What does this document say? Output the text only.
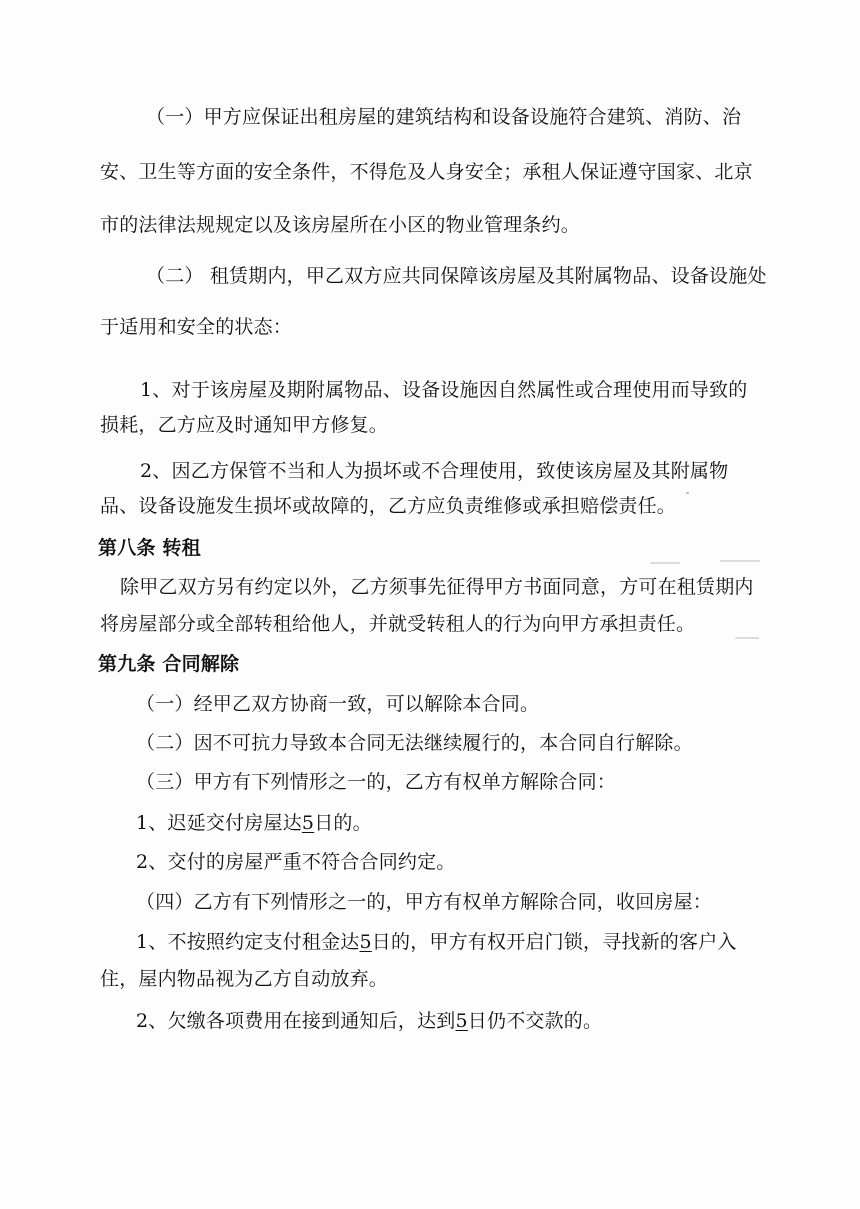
（一）甲方应保证出租房屋的建筑结构和设备设施符合建筑、消防、治
安、卫生等方面的安全条件，不得危及人身安全；承租人保证遵守国家、北京
市的法律法规规定以及该房屋所在小区的物业管理条约。
（二） 租赁期内，甲乙双方应共同保障该房屋及其附属物品、设备设施处
于适用和安全的状态：
1、对于该房屋及期附属物品、设备设施因自然属性或合理使用而导致的
损耗，乙方应及时通知甲方修复。
2、因乙方保管不当和人为损坏或不合理使用，致使该房屋及其附属物
品、设备设施发生损坏或故障的，乙方应负责维修或承担赔偿责任。
第八条 转租
除甲乙双方另有约定以外，乙方须事先征得甲方书面同意，方可在租赁期内
将房屋部分或全部转租给他人，并就受转租人的行为向甲方承担责任。
第九条 合同解除
（一）经甲乙双方协商一致，可以解除本合同。
（二）因不可抗力导致本合同无法继续履行的，本合同自行解除。
（三）甲方有下列情形之一的，乙方有权单方解除合同：
1、迟延交付房屋达5日的。
2、交付的房屋严重不符合合同约定。
（四）乙方有下列情形之一的，甲方有权单方解除合同，收回房屋：
1、不按照约定支付租金达5日的，甲方有权开启门锁，寻找新的客户入
住，屋内物品视为乙方自动放弃。
2、欠缴各项费用在接到通知后，达到5日仍不交款的。
